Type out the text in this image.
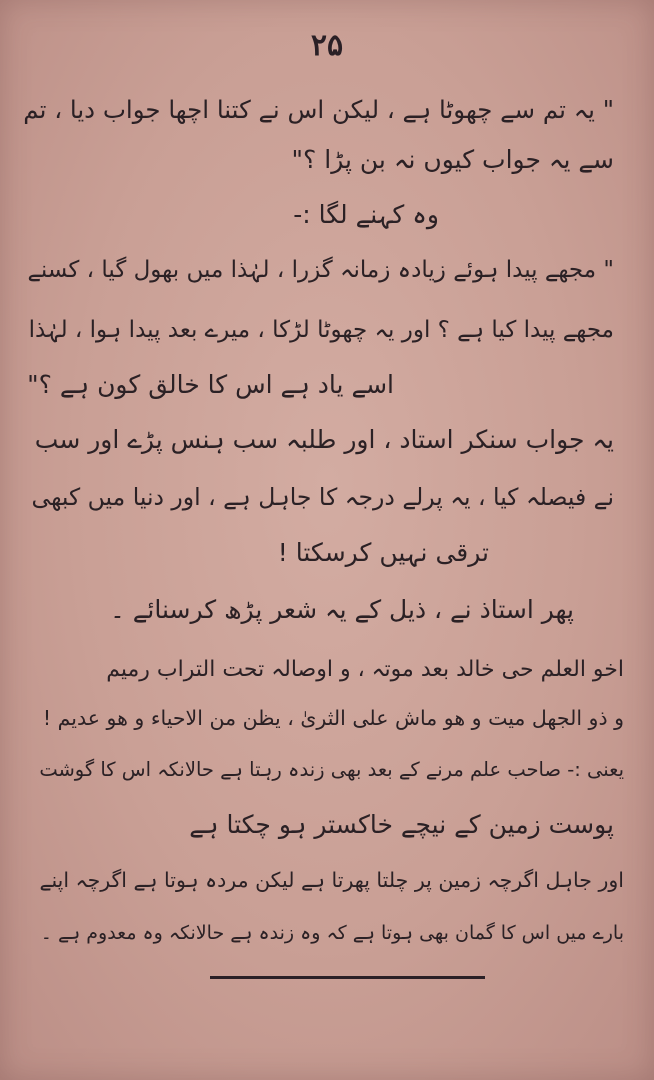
۲۵
" یہ تم سے چھوٹا ہے ، لیکن اس نے کتنا اچھا جواب دیا ، تم
سے یہ جواب کیوں نہ بن پڑا ؟"
وہ کہنے لگا :-
" مجھے پیدا ہوئے زیادہ زمانہ گزرا ، لہٰذا میں بھول گیا ، کسنے
مجھے پیدا کیا ہے ؟ اور یہ چھوٹا لڑکا ، میرے بعد پیدا ہوا ، لہٰذا
اسے یاد ہے اس کا خالق کون ہے ؟"
یہ جواب سنکر استاد ، اور طلبہ سب ہنس پڑے اور سب
نے فیصلہ کیا ، یہ پرلے درجہ کا جاہل ہے ، اور دنیا میں کبھی
ترقی نہیں کرسکتا !
پھر استاذ نے ، ذیل کے یہ شعر پڑھ کرسنائے ۔
اخو العلم حی خالد بعد موتہ ، و اوصالہ تحت التراب رمیم
و ذو الجھل میت و ھو ماش علی الثریٰ ، یظن من الاحیاء و ھو عدیم !
یعنی :- صاحب علم مرنے کے بعد بھی زندہ رہتا ہے حالانکہ اس کا گوشت
پوست زمین کے نیچے خاکستر ہو چکتا ہے
اور جاہل اگرچہ زمین پر چلتا پھرتا ہے لیکن مردہ ہوتا ہے اگرچہ اپنے
بارے میں اس کا گمان بھی ہوتا ہے کہ وہ زندہ ہے حالانکہ وہ معدوم ہے ۔
